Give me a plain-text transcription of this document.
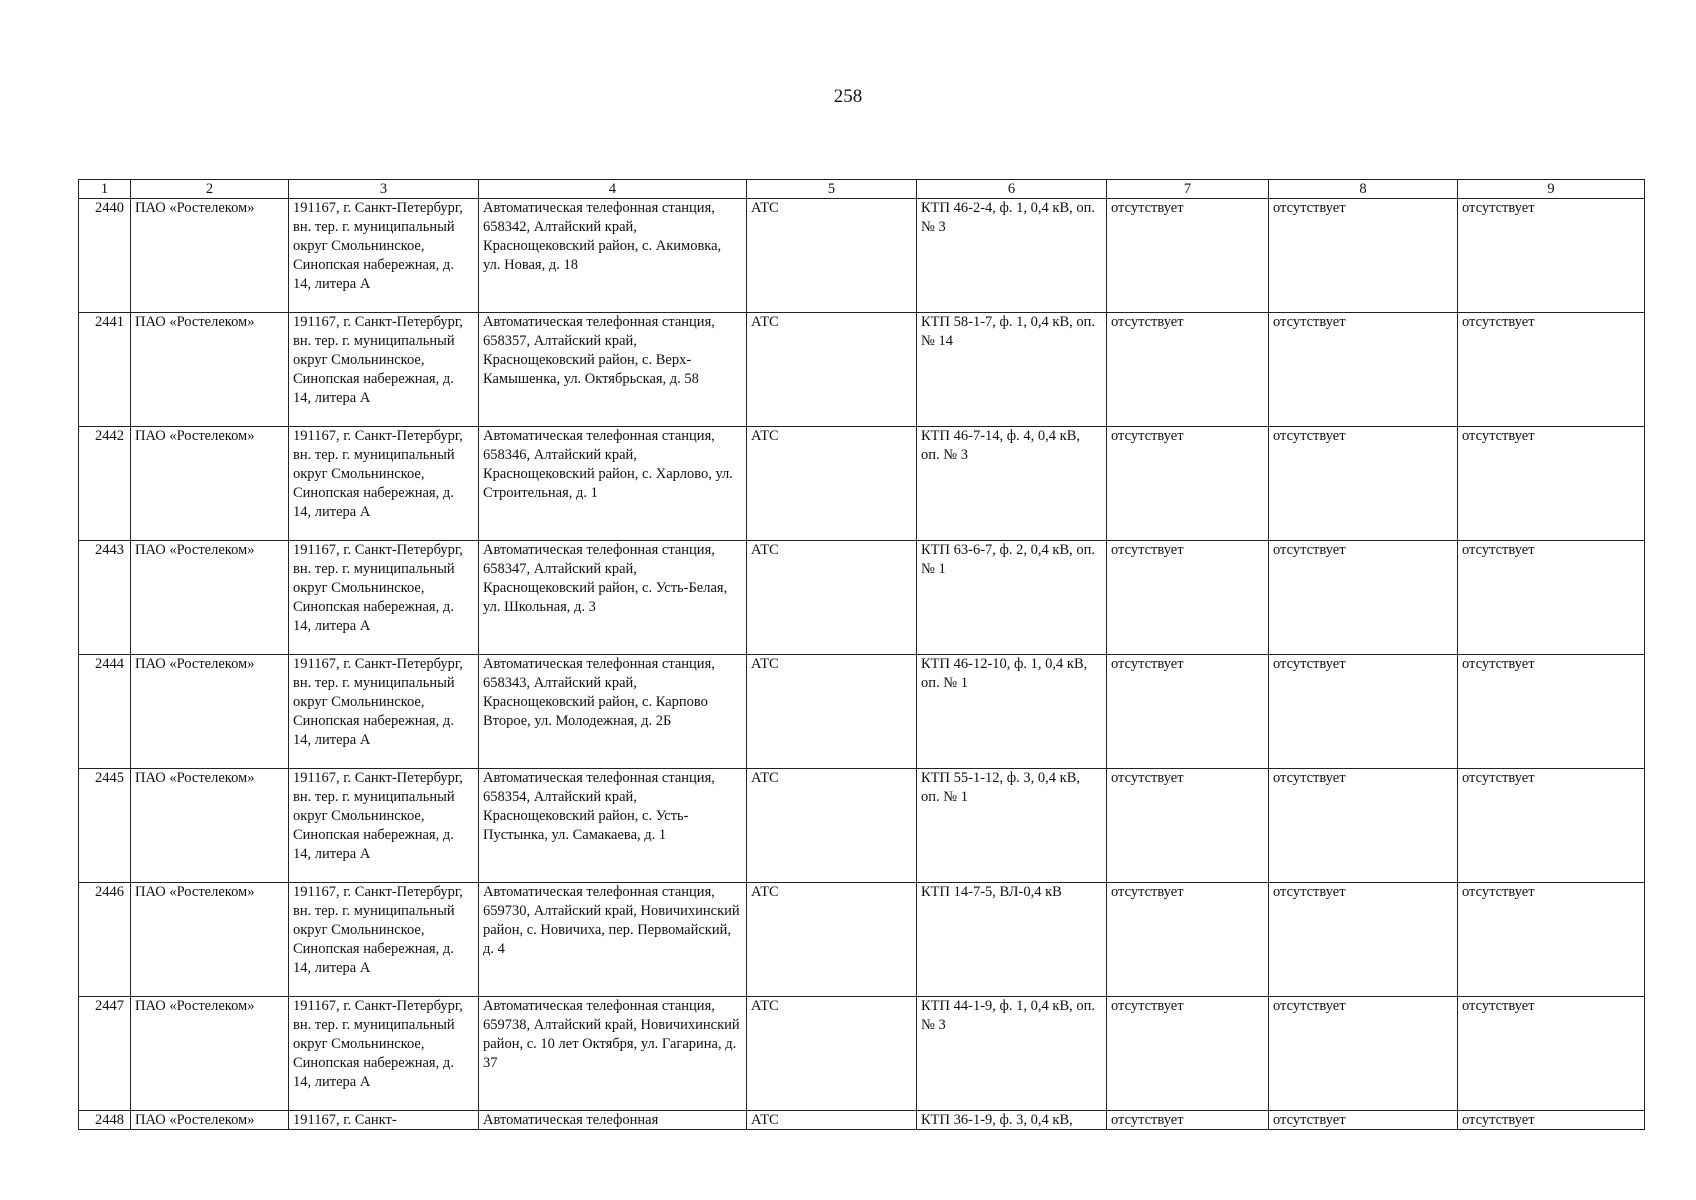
258
1	2	3	4	5	6	7	8	9
2440	ПАО «Ростелеком»	191167, г. Санкт-Петербург, вн. тер. г. муниципальный округ Смольнинское, Синопская набережная, д. 14, литера А	Автоматическая телефонная станция, 658342, Алтайский край, Краснощековский район, с. Акимовка, ул. Новая, д. 18	АТС	КТП 46-2-4, ф. 1, 0,4 кВ, оп. № 3	отсутствует	отсутствует	отсутствует
2441	ПАО «Ростелеком»	191167, г. Санкт-Петербург, вн. тер. г. муниципальный округ Смольнинское, Синопская набережная, д. 14, литера А	Автоматическая телефонная станция, 658357, Алтайский край, Краснощековский район, с. Верх-Камышенка, ул. Октябрьская, д. 58	АТС	КТП 58-1-7, ф. 1, 0,4 кВ, оп. № 14	отсутствует	отсутствует	отсутствует
2442	ПАО «Ростелеком»	191167, г. Санкт-Петербург, вн. тер. г. муниципальный округ Смольнинское, Синопская набережная, д. 14, литера А	Автоматическая телефонная станция, 658346, Алтайский край, Краснощековский район, с. Харлово, ул. Строительная, д. 1	АТС	КТП 46-7-14, ф. 4, 0,4 кВ, оп. № 3	отсутствует	отсутствует	отсутствует
2443	ПАО «Ростелеком»	191167, г. Санкт-Петербург, вн. тер. г. муниципальный округ Смольнинское, Синопская набережная, д. 14, литера А	Автоматическая телефонная станция, 658347, Алтайский край, Краснощековский район, с. Усть-Белая, ул. Школьная, д. 3	АТС	КТП 63-6-7, ф. 2, 0,4 кВ, оп. № 1	отсутствует	отсутствует	отсутствует
2444	ПАО «Ростелеком»	191167, г. Санкт-Петербург, вн. тер. г. муниципальный округ Смольнинское, Синопская набережная, д. 14, литера А	Автоматическая телефонная станция, 658343, Алтайский край, Краснощековский район, с. Карпово Второе, ул. Молодежная, д. 2Б	АТС	КТП 46-12-10, ф. 1, 0,4 кВ, оп. № 1	отсутствует	отсутствует	отсутствует
2445	ПАО «Ростелеком»	191167, г. Санкт-Петербург, вн. тер. г. муниципальный округ Смольнинское, Синопская набережная, д. 14, литера А	Автоматическая телефонная станция, 658354, Алтайский край, Краснощековский район, с. Усть-Пустынка, ул. Самакаева, д. 1	АТС	КТП 55-1-12, ф. 3, 0,4 кВ, оп. № 1	отсутствует	отсутствует	отсутствует
2446	ПАО «Ростелеком»	191167, г. Санкт-Петербург, вн. тер. г. муниципальный округ Смольнинское, Синопская набережная, д. 14, литера А	Автоматическая телефонная станция, 659730, Алтайский край, Новичихинский район, с. Новичиха, пер. Первомайский, д. 4	АТС	КТП 14-7-5, ВЛ-0,4 кВ	отсутствует	отсутствует	отсутствует
2447	ПАО «Ростелеком»	191167, г. Санкт-Петербург, вн. тер. г. муниципальный округ Смольнинское, Синопская набережная, д. 14, литера А	Автоматическая телефонная станция, 659738, Алтайский край, Новичихинский район, с. 10 лет Октября, ул. Гагарина, д. 37	АТС	КТП 44-1-9, ф. 1, 0,4 кВ, оп. № 3	отсутствует	отсутствует	отсутствует
2448	ПАО «Ростелеком»	191167, г. Санкт-	Автоматическая телефонная	АТС	КТП 36-1-9, ф. 3, 0,4 кВ,	отсутствует	отсутствует	отсутствует
